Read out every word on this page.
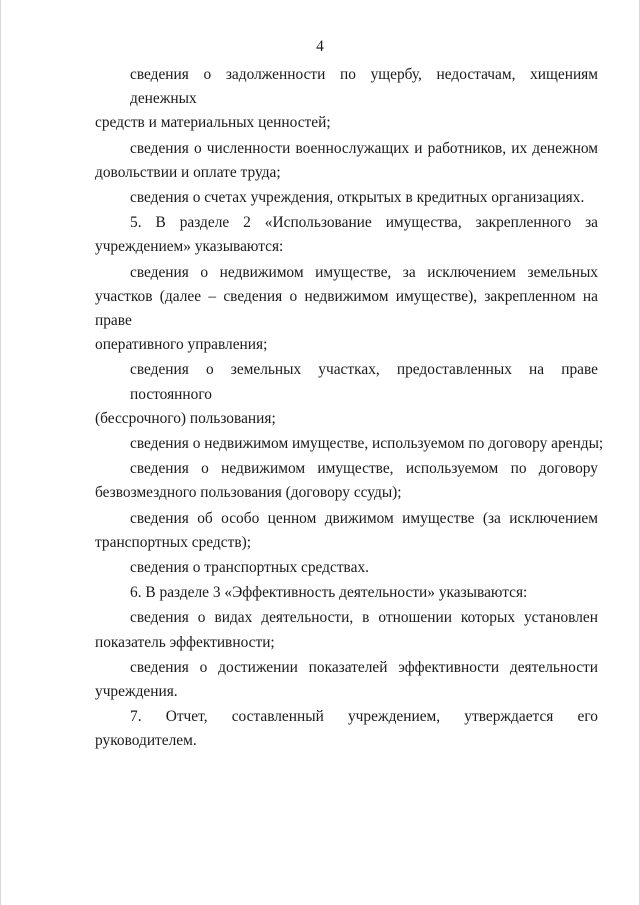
4
сведения о задолженности по ущербу, недостачам, хищениям денежных
средств и материальных ценностей;
сведения о численности военнослужащих и работников, их денежном
довольствии и оплате труда;
сведения о счетах учреждения, открытых в кредитных организациях.
5. В разделе 2 «Использование имущества, закрепленного за
учреждением» указываются:
сведения о недвижимом имуществе, за исключением земельных
участков (далее – сведения о недвижимом имуществе), закрепленном на праве
оперативного управления;
сведения о земельных участках, предоставленных на праве постоянного
(бессрочного) пользования;
сведения о недвижимом имуществе, используемом по договору аренды;
сведения о недвижимом имуществе, используемом по договору
безвозмездного пользования (договору ссуды);
сведения об особо ценном движимом имуществе (за исключением
транспортных средств);
сведения о транспортных средствах.
6. В разделе 3 «Эффективность деятельности» указываются:
сведения о видах деятельности, в отношении которых установлен
показатель эффективности;
сведения о достижении показателей эффективности деятельности
учреждения.
7. Отчет, составленный учреждением, утверждается его
руководителем.
